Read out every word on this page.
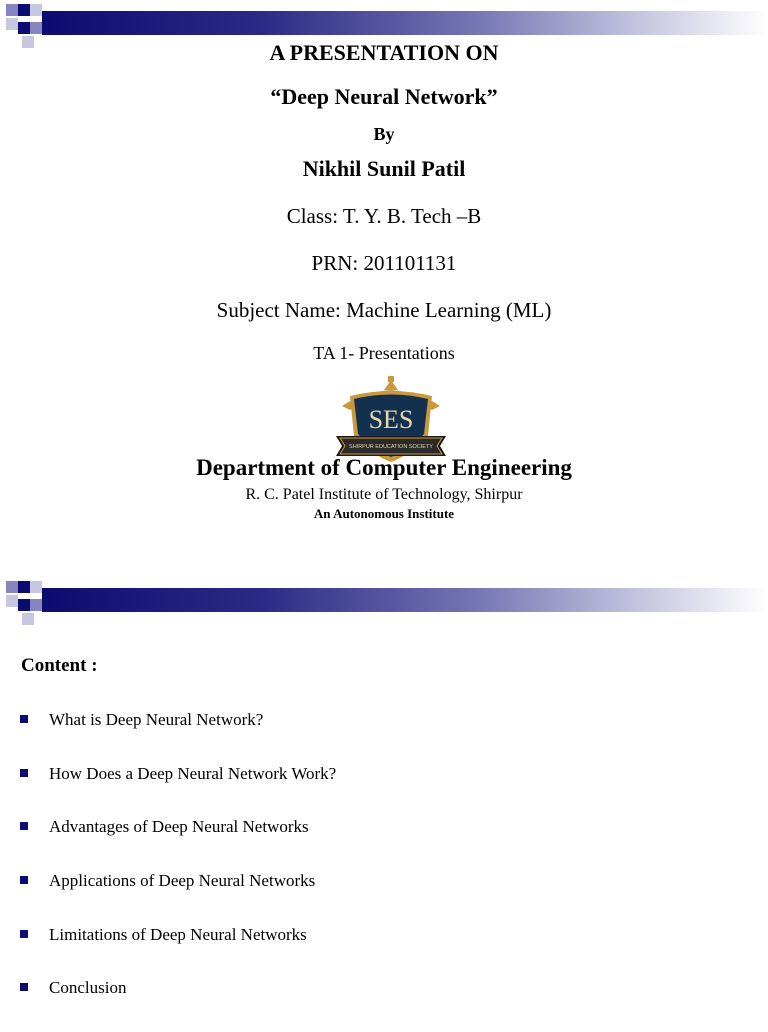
A PRESENTATION ON
“Deep Neural Network”
By
Nikhil Sunil Patil
Class: T. Y. B. Tech –B
PRN: 201101131
Subject Name: Machine Learning (ML)
TA 1- Presentations
SES
SHIRPUR EDUCATION SOCIETY
Department of Computer Engineering
R. C. Patel Institute of Technology, Shirpur
An Autonomous Institute
Content :
What is Deep Neural Network?
How Does a Deep Neural Network Work?
Advantages of Deep Neural Networks
Applications of Deep Neural Networks
Limitations of Deep Neural Networks
Conclusion
